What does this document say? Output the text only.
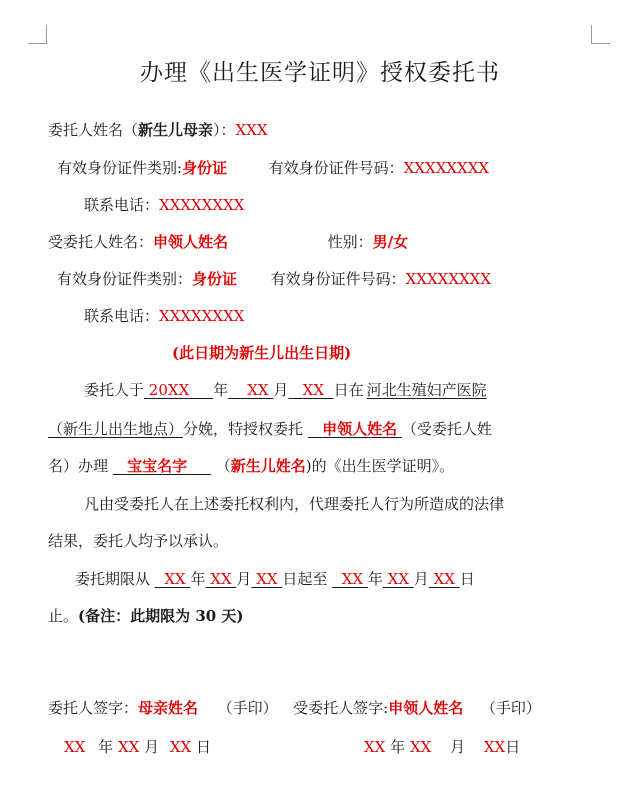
办理《出生医学证明》授权委托书
委托人姓名（新生儿母亲）：XXX
有效身份证件类别:身份证	有效身份证件号码：XXXXXXXX
联系电话：XXXXXXXX
受委托人姓名：申领人姓名	性别：男/女
有效身份证件类别：身份证 有效身份证件号码：XXXXXXXX
联系电话：XXXXXXXX
(此日期为新生儿出生日期)
委托人于 20XX 年 XX 月 XX 日在 河北生殖妇产医院
（新生儿出生地点）分娩，特授权委托 申领人姓名 （受委托人姓
名）办理 宝宝名字 （新生儿姓名)的《出生医学证明》。
凡由受委托人在上述委托权利内，代理委托人行为所造成的法律
结果，委托人均予以承认。
委托期限从 XX 年 XX 月 XX 日起至 XX 年 XX 月 XX 日
止。(备注：此期限为 30 天)
委托人签字：母亲姓名 （手印） 受委托人签字:申领人姓名 （手印）
XX 年 XX 月 XX 日	XX 年 XX 月 XX日
